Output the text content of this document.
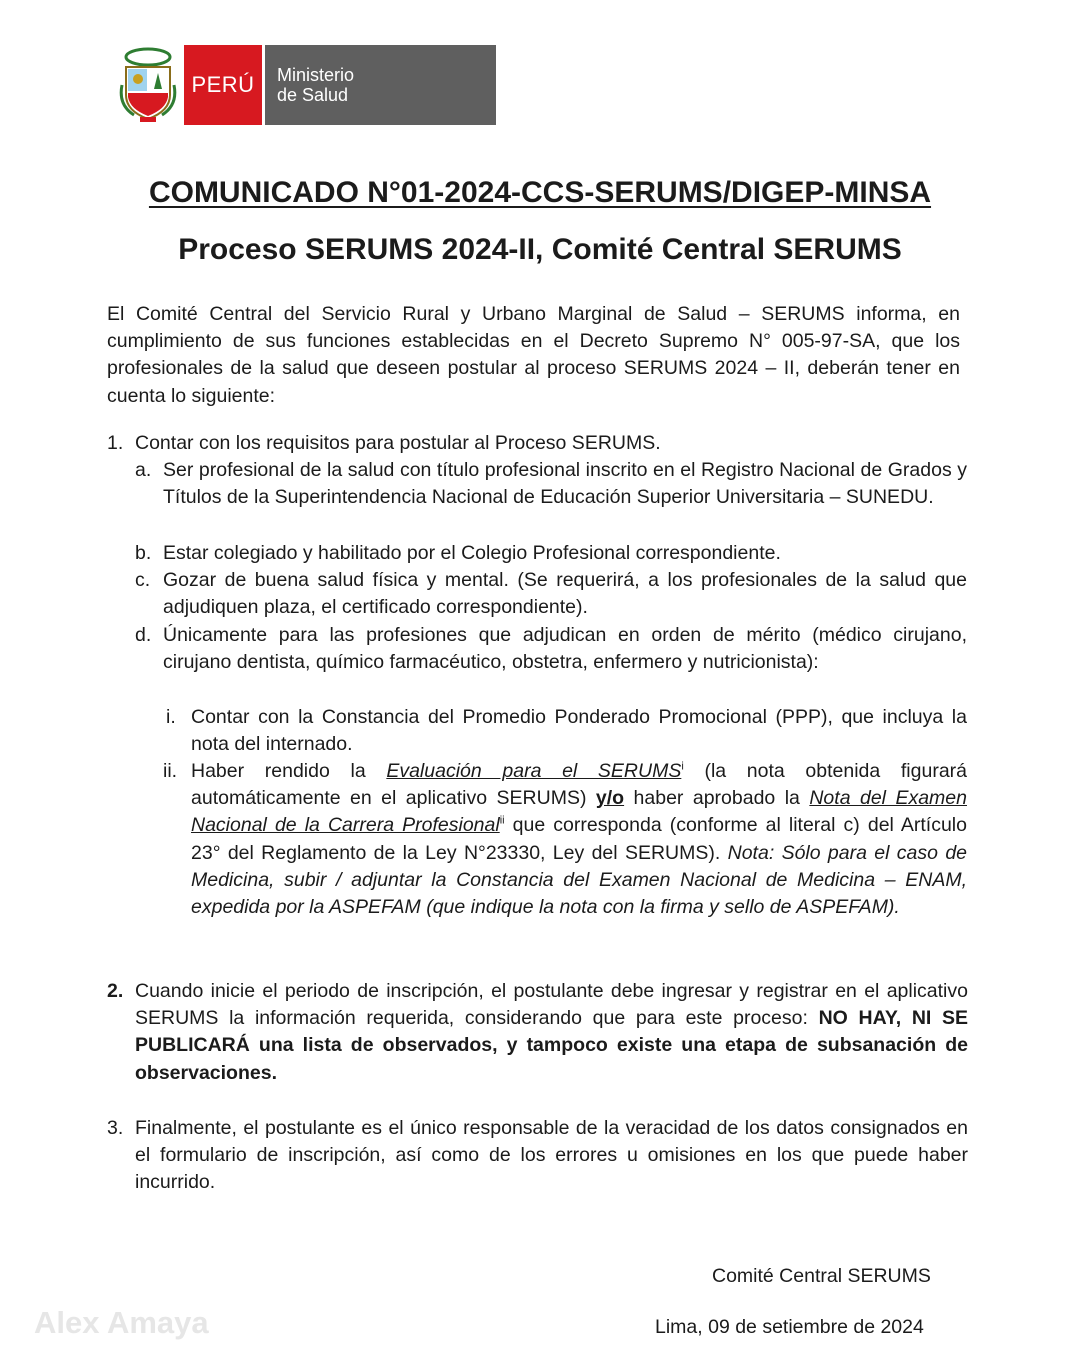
PERÚ Ministerio
de Salud
COMUNICADO N°01-2024-CCS-SERUMS/DIGEP-MINSA
Proceso SERUMS 2024-II, Comité Central SERUMS
El Comité Central del Servicio Rural y Urbano Marginal de Salud – SERUMS informa, en cumplimiento de sus funciones establecidas en el Decreto Supremo N° 005-97-SA, que los profesionales de la salud que deseen postular al proceso SERUMS 2024 – II, deberán tener en cuenta lo siguiente:
1. Contar con los requisitos para postular al Proceso SERUMS.
a. Ser profesional de la salud con título profesional inscrito en el Registro Nacional de Grados y Títulos de la Superintendencia Nacional de Educación Superior Universitaria – SUNEDU.
b. Estar colegiado y habilitado por el Colegio Profesional correspondiente.
c. Gozar de buena salud física y mental. (Se requerirá, a los profesionales de la salud que adjudiquen plaza, el certificado correspondiente).
d. Únicamente para las profesiones que adjudican en orden de mérito (médico cirujano, cirujano dentista, químico farmacéutico, obstetra, enfermero y nutricionista):
i. Contar con la Constancia del Promedio Ponderado Promocional (PPP), que incluya la nota del internado.
ii. Haber rendido la Evaluación para el SERUMS$^i$ (la nota obtenida figurará automáticamente en el aplicativo SERUMS) y/o haber aprobado la Nota del Examen Nacional de la Carrera Profesional$^{ii}$ que corresponda (conforme al literal c) del Artículo 23° del Reglamento de la Ley N°23330, Ley del SERUMS). Nota: Sólo para el caso de Medicina, subir / adjuntar la Constancia del Examen Nacional de Medicina – ENAM, expedida por la ASPEFAM (que indique la nota con la firma y sello de ASPEFAM).
2. Cuando inicie el periodo de inscripción, el postulante debe ingresar y registrar en el aplicativo SERUMS la información requerida, considerando que para este proceso: NO HAY, NI SE PUBLICARÁ una lista de observados, y tampoco existe una etapa de subsanación de observaciones.
3. Finalmente, el postulante es el único responsable de la veracidad de los datos consignados en el formulario de inscripción, así como de los errores u omisiones en los que puede haber incurrido.
Comité Central SERUMS
Lima, 09 de setiembre de 2024
Alex Amaya
